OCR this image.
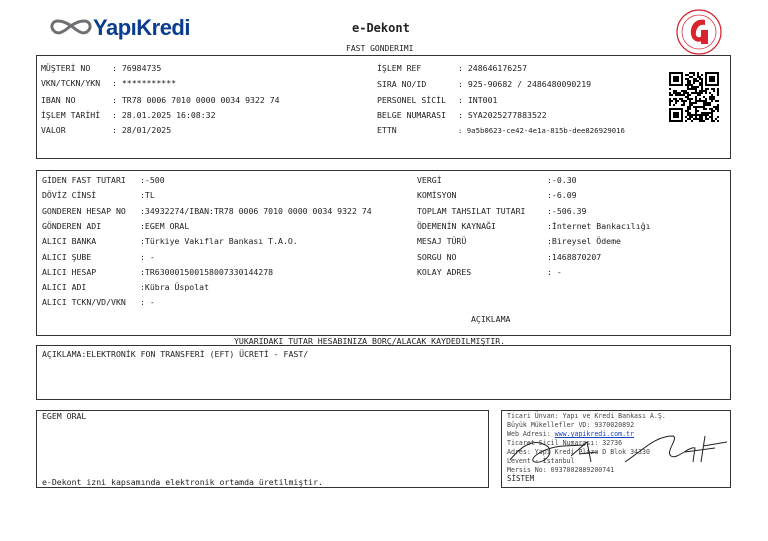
YapıKredi	e-Dekont
FAST GONDERIMI
MÜŞTERİ NO	: 76984735
VKN/TCKN/YKN : ***********
IBAN NO	: TR78 0006 7010 0000 0034 9322 74
İŞLEM TARİHİ : 28.01.2025 16:08:32
VALOR	: 28/01/2025
İŞLEM REF	: 248646176257
SIRA NO/ID	: 925-90682 / 2486480090219
PERSONEL SİCİL : INT001
BELGE NUMARASI : SYA2025277883522
ETTN	: 9a5b0623-ce42-4e1a-815b-dee826929016
GİDEN FAST TUTARI :-500
DÖVİZ CİNSİ	:TL
GONDEREN HESAP NO :34932274/IBAN:TR78 0006 7010 0000 0034 9322 74
GÖNDEREN ADI	:EGEM ORAL
ALICI BANKA	:Türkiye Vakıflar Bankası T.A.O.
ALICI ŞUBE	: -
ALICI HESAP	:TR630001500158007330144278
ALICI ADI	:Kübra Üspolat
ALICI TCKN/VD/VKN : -
VERGİ	:-0.30
KOMİSYON	:-6.09
TOPLAM TAHSILAT TUTARI	:-506.39
ÖDEMENİN KAYNAĞI	:İnternet Bankacılığı
MESAJ TÜRÜ	:Bireysel Ödeme
SORGU NO	:1468870207
KOLAY ADRES	: -
AÇIKLAMA
YUKARIDAKI TUTAR HESABINIZA BORÇ/ALACAK KAYDEDILMIŞTIR.
AÇIKLAMA:ELEKTRONİK FON TRANSFERİ (EFT) ÜCRETİ - FAST/
EGEM ORAL
e-Dekont izni kapsamında elektronik ortamda üretilmiştir.
Ticari Ünvan: Yapı ve Kredi Bankası A.Ş.
Büyük Mükellefler VD: 9370020892
Web Adresi: www.yapikredi.com.tr
Ticaret Sicil Numarası: 32736
Adres: Yapı Kredi Plaza D Blok 34330
Levent - İstanbul
Mersis No: 0937002089200741
SİSTEM
